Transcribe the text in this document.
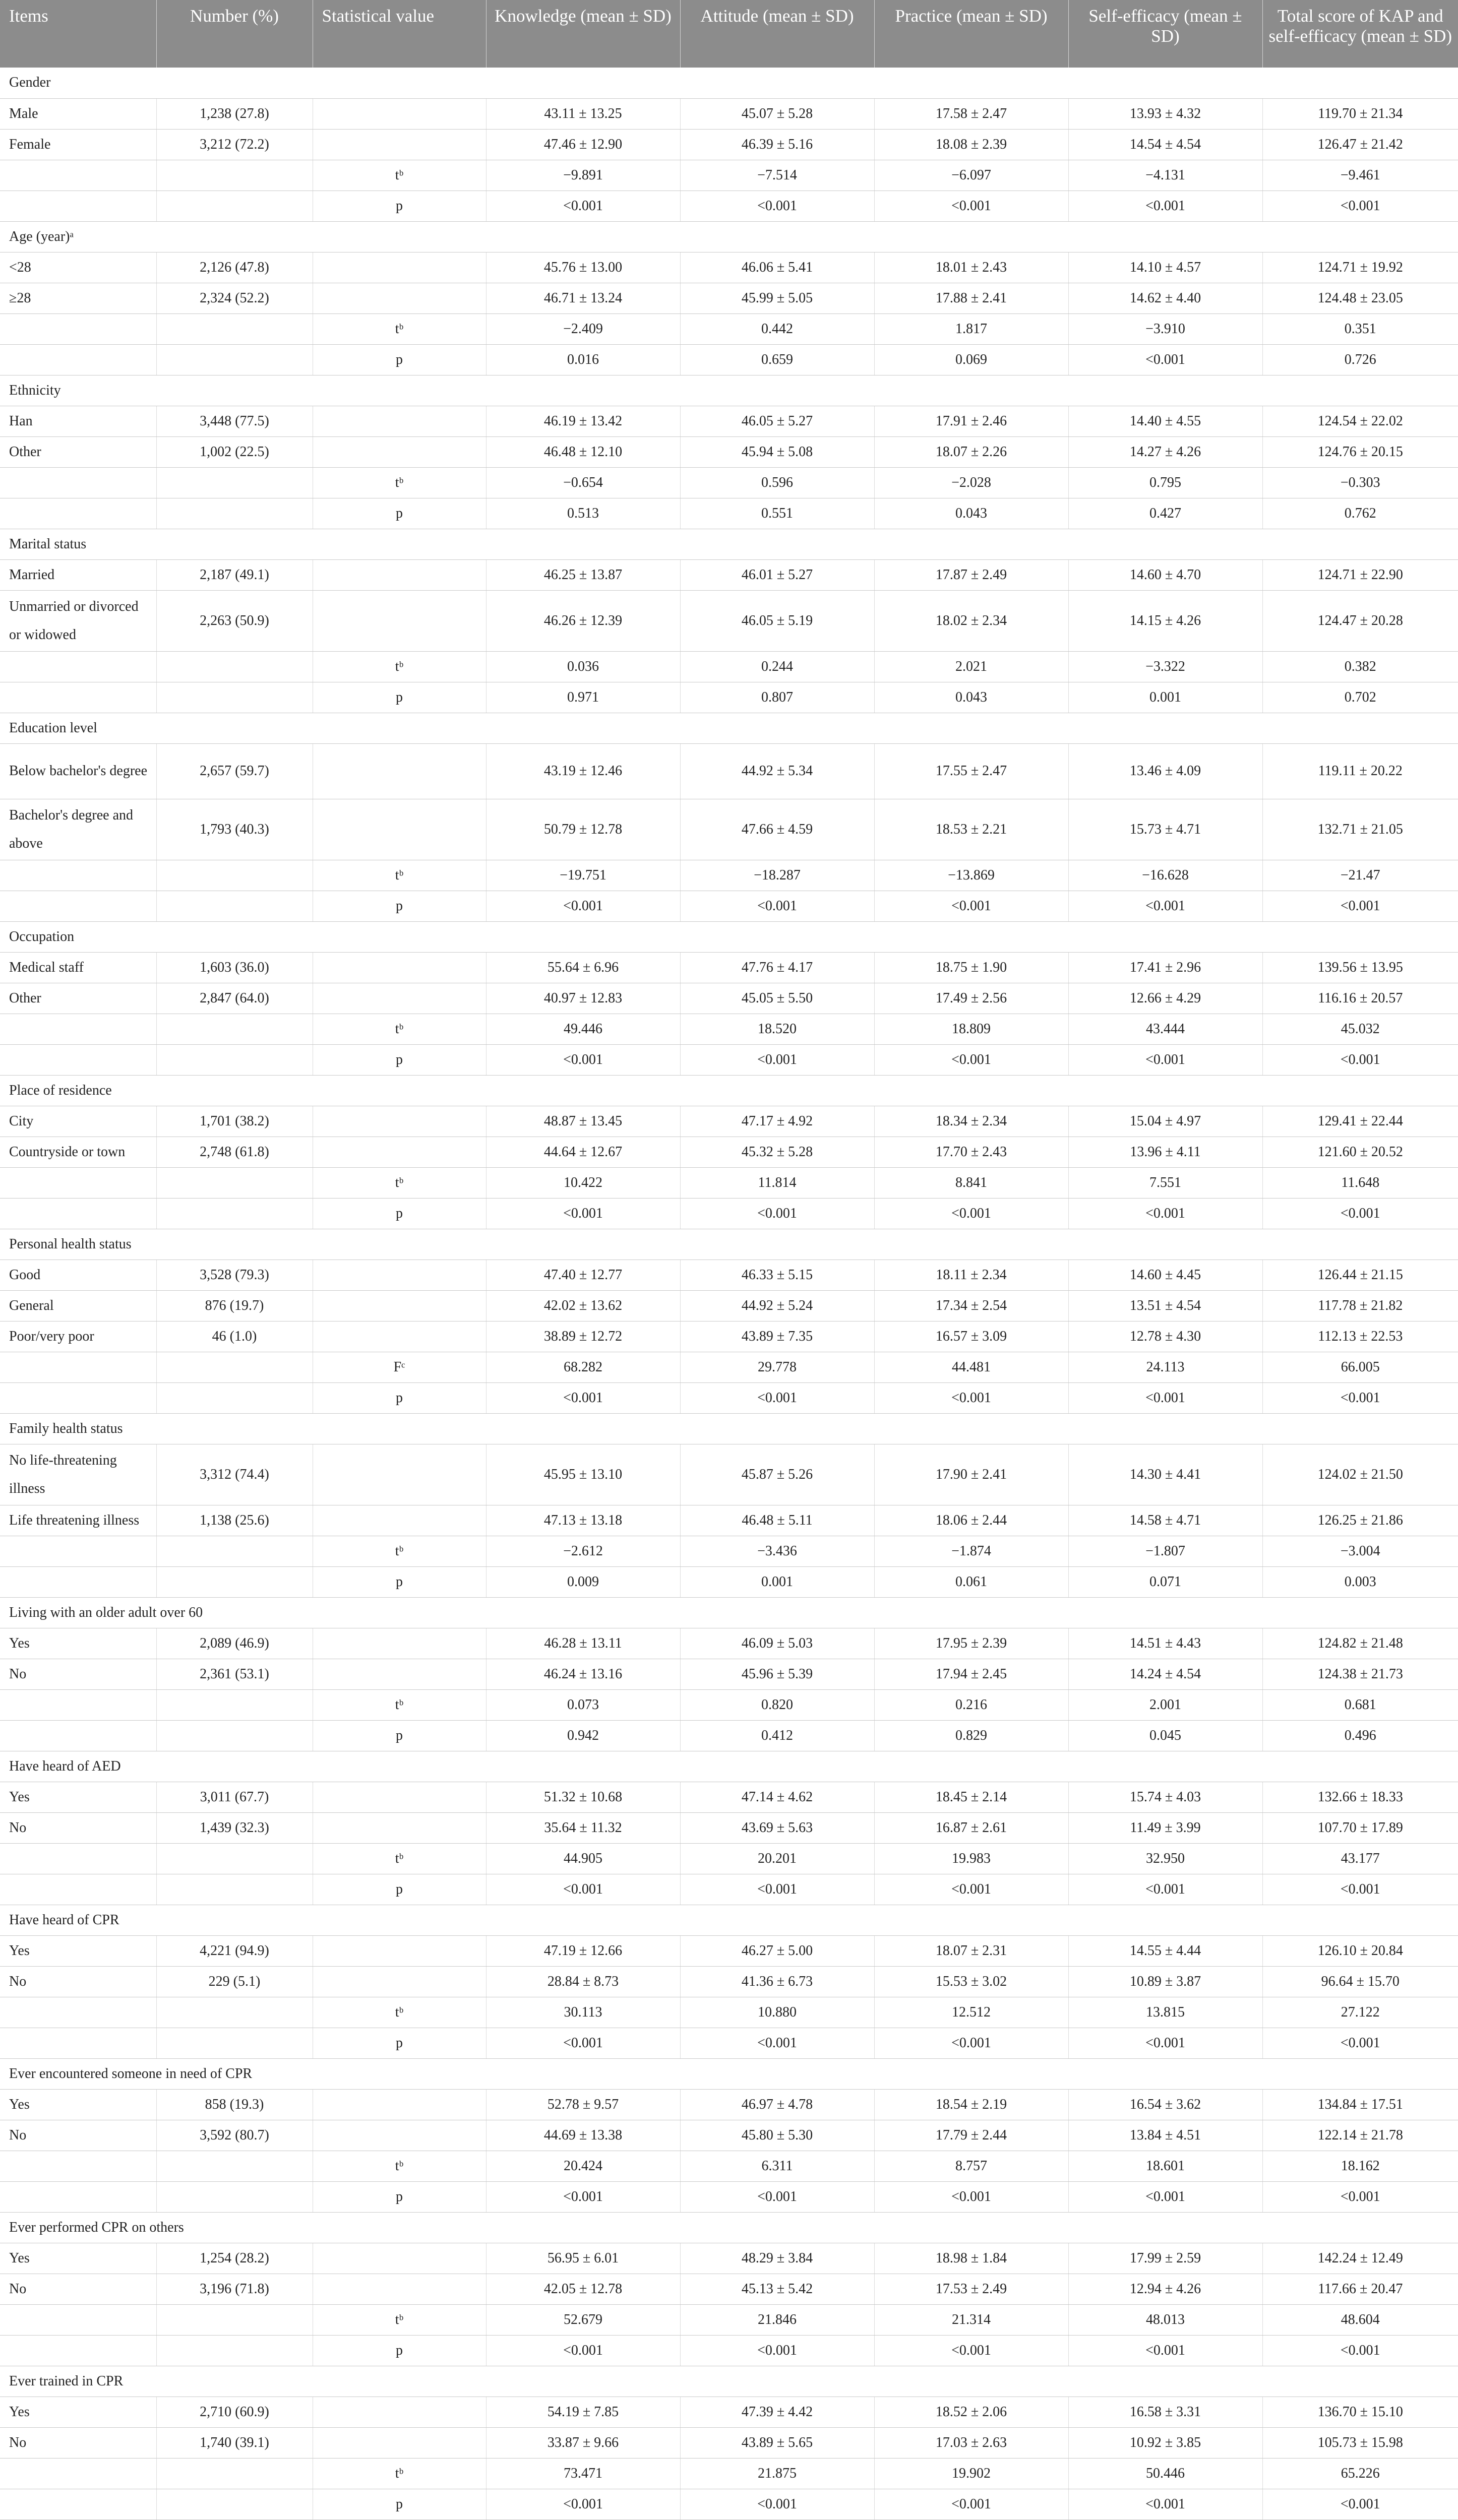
Items	Number (%)	Statistical value	Knowledge (mean ± SD)	Attitude (mean ± SD)	Practice (mean ± SD)	Self-efficacy (mean ± SD)	Total score of KAP and self-efficacy (mean ± SD)
Gender							
Male	1,238 (27.8)		43.11 ± 13.25	45.07 ± 5.28	17.58 ± 2.47	13.93 ± 4.32	119.70 ± 21.34
Female	3,212 (72.2)		47.46 ± 12.90	46.39 ± 5.16	18.08 ± 2.39	14.54 ± 4.54	126.47 ± 21.42
		tᵇ	−9.891	−7.514	−6.097	−4.131	−9.461
		p	<0.001	<0.001	<0.001	<0.001	<0.001
Age (year)ᵃ							
<28	2,126 (47.8)		45.76 ± 13.00	46.06 ± 5.41	18.01 ± 2.43	14.10 ± 4.57	124.71 ± 19.92
≥28	2,324 (52.2)		46.71 ± 13.24	45.99 ± 5.05	17.88 ± 2.41	14.62 ± 4.40	124.48 ± 23.05
		tᵇ	−2.409	0.442	1.817	−3.910	0.351
		p	0.016	0.659	0.069	<0.001	0.726
Ethnicity							
Han	3,448 (77.5)		46.19 ± 13.42	46.05 ± 5.27	17.91 ± 2.46	14.40 ± 4.55	124.54 ± 22.02
Other	1,002 (22.5)		46.48 ± 12.10	45.94 ± 5.08	18.07 ± 2.26	14.27 ± 4.26	124.76 ± 20.15
		tᵇ	−0.654	0.596	−2.028	0.795	−0.303
		p	0.513	0.551	0.043	0.427	0.762
Marital status							
Married	2,187 (49.1)		46.25 ± 13.87	46.01 ± 5.27	17.87 ± 2.49	14.60 ± 4.70	124.71 ± 22.90
Unmarried or divorced or widowed	2,263 (50.9)		46.26 ± 12.39	46.05 ± 5.19	18.02 ± 2.34	14.15 ± 4.26	124.47 ± 20.28
		tᵇ	0.036	0.244	2.021	−3.322	0.382
		p	0.971	0.807	0.043	0.001	0.702
Education level							
Below bachelor's degree	2,657 (59.7)		43.19 ± 12.46	44.92 ± 5.34	17.55 ± 2.47	13.46 ± 4.09	119.11 ± 20.22
Bachelor's degree and above	1,793 (40.3)		50.79 ± 12.78	47.66 ± 4.59	18.53 ± 2.21	15.73 ± 4.71	132.71 ± 21.05
		tᵇ	−19.751	−18.287	−13.869	−16.628	−21.47
		p	<0.001	<0.001	<0.001	<0.001	<0.001
Occupation							
Medical staff	1,603 (36.0)		55.64 ± 6.96	47.76 ± 4.17	18.75 ± 1.90	17.41 ± 2.96	139.56 ± 13.95
Other	2,847 (64.0)		40.97 ± 12.83	45.05 ± 5.50	17.49 ± 2.56	12.66 ± 4.29	116.16 ± 20.57
		tᵇ	49.446	18.520	18.809	43.444	45.032
		p	<0.001	<0.001	<0.001	<0.001	<0.001
Place of residence							
City	1,701 (38.2)		48.87 ± 13.45	47.17 ± 4.92	18.34 ± 2.34	15.04 ± 4.97	129.41 ± 22.44
Countryside or town	2,748 (61.8)		44.64 ± 12.67	45.32 ± 5.28	17.70 ± 2.43	13.96 ± 4.11	121.60 ± 20.52
		tᵇ	10.422	11.814	8.841	7.551	11.648
		p	<0.001	<0.001	<0.001	<0.001	<0.001
Personal health status							
Good	3,528 (79.3)		47.40 ± 12.77	46.33 ± 5.15	18.11 ± 2.34	14.60 ± 4.45	126.44 ± 21.15
General	876 (19.7)		42.02 ± 13.62	44.92 ± 5.24	17.34 ± 2.54	13.51 ± 4.54	117.78 ± 21.82
Poor/very poor	46 (1.0)		38.89 ± 12.72	43.89 ± 7.35	16.57 ± 3.09	12.78 ± 4.30	112.13 ± 22.53
		Fᶜ	68.282	29.778	44.481	24.113	66.005
		p	<0.001	<0.001	<0.001	<0.001	<0.001
Family health status							
No life-threatening illness	3,312 (74.4)		45.95 ± 13.10	45.87 ± 5.26	17.90 ± 2.41	14.30 ± 4.41	124.02 ± 21.50
Life threatening illness	1,138 (25.6)		47.13 ± 13.18	46.48 ± 5.11	18.06 ± 2.44	14.58 ± 4.71	126.25 ± 21.86
		tᵇ	−2.612	−3.436	−1.874	−1.807	−3.004
		p	0.009	0.001	0.061	0.071	0.003
Living with an older adult over 60							
Yes	2,089 (46.9)		46.28 ± 13.11	46.09 ± 5.03	17.95 ± 2.39	14.51 ± 4.43	124.82 ± 21.48
No	2,361 (53.1)		46.24 ± 13.16	45.96 ± 5.39	17.94 ± 2.45	14.24 ± 4.54	124.38 ± 21.73
		tᵇ	0.073	0.820	0.216	2.001	0.681
		p	0.942	0.412	0.829	0.045	0.496
Have heard of AED							
Yes	3,011 (67.7)		51.32 ± 10.68	47.14 ± 4.62	18.45 ± 2.14	15.74 ± 4.03	132.66 ± 18.33
No	1,439 (32.3)		35.64 ± 11.32	43.69 ± 5.63	16.87 ± 2.61	11.49 ± 3.99	107.70 ± 17.89
		tᵇ	44.905	20.201	19.983	32.950	43.177
		p	<0.001	<0.001	<0.001	<0.001	<0.001
Have heard of CPR							
Yes	4,221 (94.9)		47.19 ± 12.66	46.27 ± 5.00	18.07 ± 2.31	14.55 ± 4.44	126.10 ± 20.84
No	229 (5.1)		28.84 ± 8.73	41.36 ± 6.73	15.53 ± 3.02	10.89 ± 3.87	96.64 ± 15.70
		tᵇ	30.113	10.880	12.512	13.815	27.122
		p	<0.001	<0.001	<0.001	<0.001	<0.001
Ever encountered someone in need of CPR							
Yes	858 (19.3)		52.78 ± 9.57	46.97 ± 4.78	18.54 ± 2.19	16.54 ± 3.62	134.84 ± 17.51
No	3,592 (80.7)		44.69 ± 13.38	45.80 ± 5.30	17.79 ± 2.44	13.84 ± 4.51	122.14 ± 21.78
		tᵇ	20.424	6.311	8.757	18.601	18.162
		p	<0.001	<0.001	<0.001	<0.001	<0.001
Ever performed CPR on others							
Yes	1,254 (28.2)		56.95 ± 6.01	48.29 ± 3.84	18.98 ± 1.84	17.99 ± 2.59	142.24 ± 12.49
No	3,196 (71.8)		42.05 ± 12.78	45.13 ± 5.42	17.53 ± 2.49	12.94 ± 4.26	117.66 ± 20.47
		tᵇ	52.679	21.846	21.314	48.013	48.604
		p	<0.001	<0.001	<0.001	<0.001	<0.001
Ever trained in CPR							
Yes	2,710 (60.9)		54.19 ± 7.85	47.39 ± 4.42	18.52 ± 2.06	16.58 ± 3.31	136.70 ± 15.10
No	1,740 (39.1)		33.87 ± 9.66	43.89 ± 5.65	17.03 ± 2.63	10.92 ± 3.85	105.73 ± 15.98
		tᵇ	73.471	21.875	19.902	50.446	65.226
		p	<0.001	<0.001	<0.001	<0.001	<0.001
